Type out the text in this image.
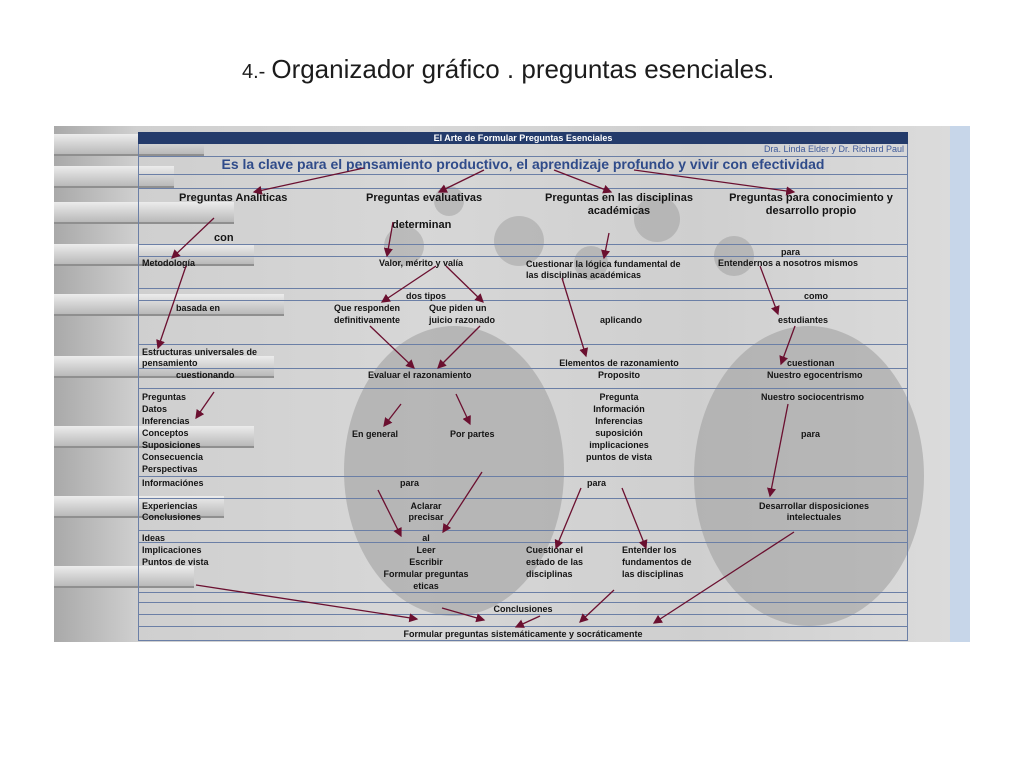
4.- Organizador gráfico . preguntas esenciales.
El Arte de Formular Preguntas Esenciales
Dra. Linda Elder y Dr. Richard Paul
Es la clave para el pensamiento productivo, el aprendizaje profundo y vivir con efectividad
Preguntas Analíticas	Preguntas evaluativas	Preguntas en las disciplinas
académicas
Preguntas para conocimiento y
desarrollo propio
con
Metodología
basada en
Estructuras universales de
pensamiento
cuestionando
Preguntas
Datos
Inferencias
Conceptos
Suposiciones
Consecuencia
Perspectivas
Informaciónes
Experiencias
Conclusiones
Ideas
Implicaciones
Puntos de vista
determinan
Valor, mérito y valía
dos tipos
Que responden
definitivamente
Que piden un
juicio razonado
Evaluar el razonamiento
En general	Por partes
para
Aclarar
precisar
al
Leer
Escribir
Formular preguntas
eticas
Cuestionar la lógica fundamental de
las disciplinas académicas
aplicando
Elementos de razonamiento
Proposito
Pregunta
Información
Inferencias
suposición
implicaciones
puntos de vista
para
Cuestionar el
estado de las
disciplinas
Entender los
fundamentos de
las disciplinas
para
Entendernos a nosotros mismos
como
estudiantes
cuestionan
Nuestro egocentrismo
Nuestro sociocentrismo
para
Desarrollar disposiciones
intelectuales
Conclusiones
Formular preguntas sistemáticamente y socráticamente
